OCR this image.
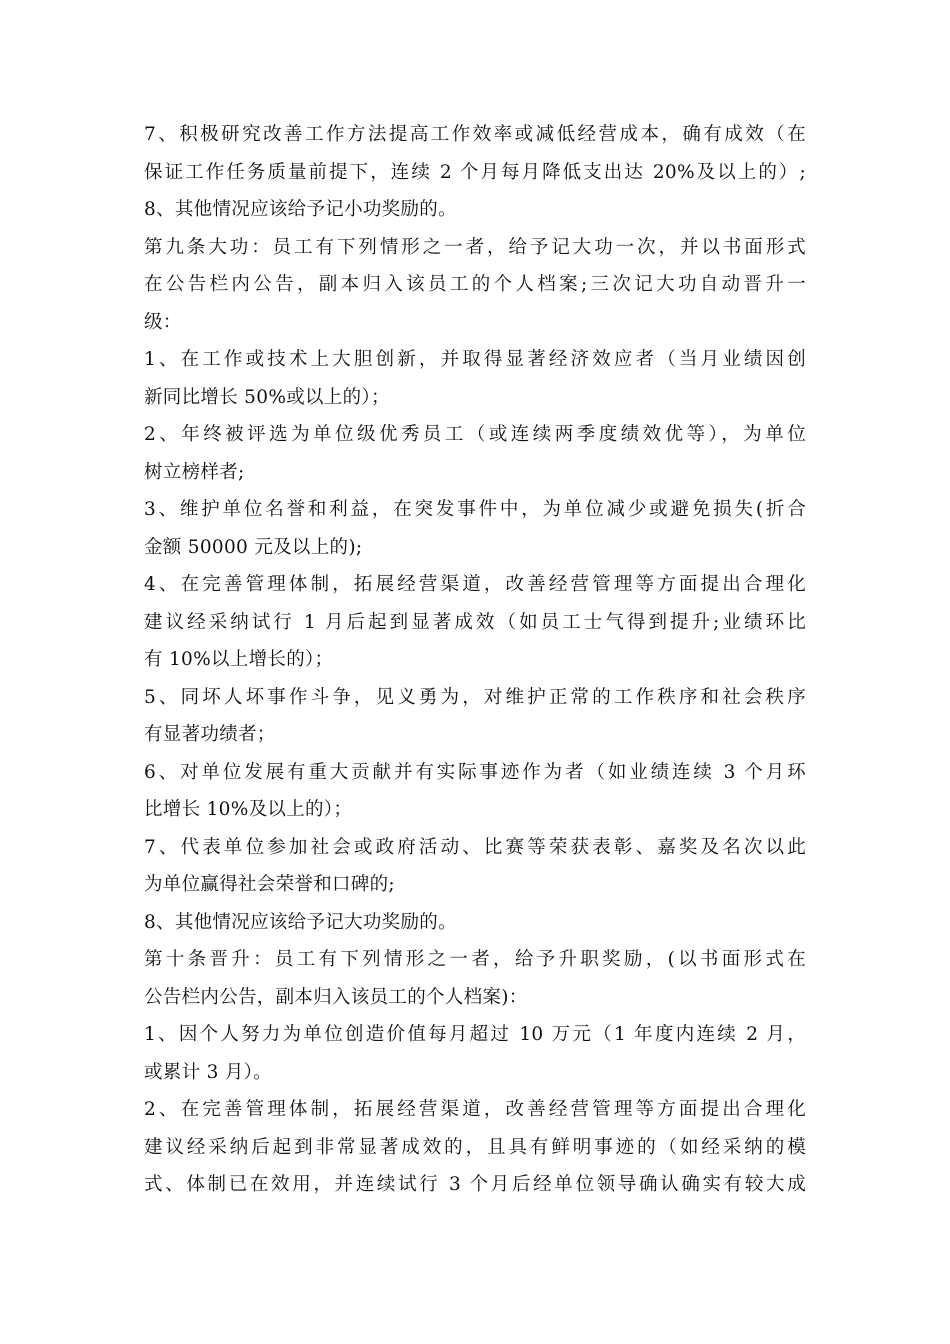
7、积极研究改善工作方法提高工作效率或减低经营成本，确有成效（在
保证工作任务质量前提下，连续 2 个月每月降低支出达 20%及以上的）;
8、其他情况应该给予记小功奖励的。
第九条大功：员工有下列情形之一者，给予记大功一次，并以书面形式
在公告栏内公告，副本归入该员工的个人档案;三次记大功自动晋升一
级：
1、在工作或技术上大胆创新，并取得显著经济效应者（当月业绩因创
新同比增长 50%或以上的）；
2、年终被评选为单位级优秀员工（或连续两季度绩效优等），为单位
树立榜样者;
3、维护单位名誉和利益，在突发事件中，为单位减少或避免损失(折合
金额 50000 元及以上的);
4、在完善管理体制，拓展经营渠道，改善经营管理等方面提出合理化
建议经采纳试行 1 月后起到显著成效（如员工士气得到提升;业绩环比
有 10%以上增长的）；
5、同坏人坏事作斗争，见义勇为，对维护正常的工作秩序和社会秩序
有显著功绩者；
6、对单位发展有重大贡献并有实际事迹作为者（如业绩连续 3 个月环
比增长 10%及以上的）；
7、代表单位参加社会或政府活动、比赛等荣获表彰、嘉奖及名次以此
为单位赢得社会荣誉和口碑的;
8、其他情况应该给予记大功奖励的。
第十条晋升：员工有下列情形之一者，给予升职奖励，(以书面形式在
公告栏内公告，副本归入该员工的个人档案)：
1、因个人努力为单位创造价值每月超过 10 万元（1 年度内连续 2 月，
或累计 3 月）。
2、在完善管理体制，拓展经营渠道，改善经营管理等方面提出合理化
建议经采纳后起到非常显著成效的，且具有鲜明事迹的（如经采纳的模
式、体制已在效用，并连续试行 3 个月后经单位领导确认确实有较大成
